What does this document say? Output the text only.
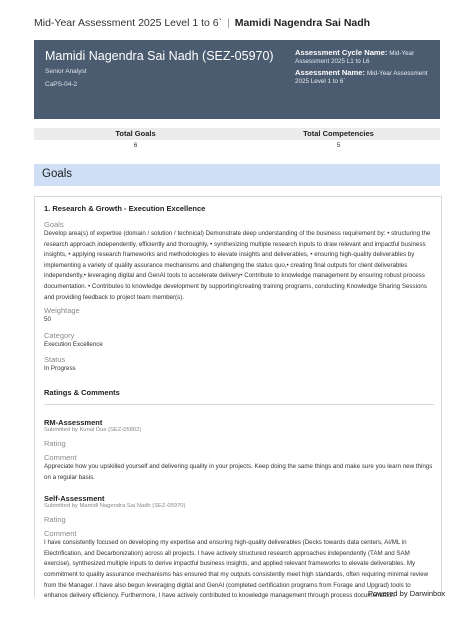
Mid-Year Assessment 2025 Level 1 to 6` | Mamidi Nagendra Sai Nadh
Mamidi Nagendra Sai Nadh (SEZ-05970)
Senior Analyst
CaPS-04-2
Assessment Cycle Name: Mid-Year Assessment 2025 L1 to L6
Assessment Name: Mid-Year Assessment 2025 Level 1 to 6`
Total Goals	Total Competencies
6	5
Goals
1. Research & Growth - Execution Excellence
Goals
Develop area(s) of expertise (domain / solution / technical) Demonstrate deep understanding of the business requirement by: • structuring the research approach independently, efficiently and thoroughly, • synthesizing multiple research inputs to draw relevant and impactful business insights, • applying research frameworks and methodologies to elevate insights and deliverables, • ensuring high-quality deliverables by implementing a variety of quality assurance mechanisms and challenging the status quo,• creating final outputs for client deliverables independently,• leveraging digital and GenAI tools to accelerate delivery• Contribute to knowledge management by ensuring robust process documentation. • Contributes to knowledge development by supporting/creating training programs, conducting Knowledge Sharing Sessions and providing feedback to project team member(s).
Weightage
50
Category
Execution Excellence
Status
In Progress
Ratings & Comments
RM-Assessment
Submitted by Kunal Dua (SEZ-05802)
Rating
Comment
Appreciate how you upskilled yourself and delivering quality in your projects. Keep doing the same things and make sure you learn new things on a regular basis.
Self-Assessment
Submitted by Mamidi Nagendra Sai Nadh (SEZ-05970)
Rating
Comment
I have consistently focused on developing my expertise and ensuring high-quality deliverables (Decks towards data centers, AI/ML in Electrification, and Decarbonization) across all projects. I have actively structured research approaches independently (TAM and SAM exercise), synthesized multiple inputs to derive impactful business insights, and applied relevant frameworks to elevate deliverables. My commitment to quality assurance mechanisms has ensured that my outputs consistently meet high standards, often requiring minimal review from the Manager. I have also begun leveraging digital and GenAI (completed certification programs from Forage and Upgrad) tools to enhance delivery efficiency. Furthermore, I have actively contributed to knowledge management through process documentation
Powered by Darwinbox
